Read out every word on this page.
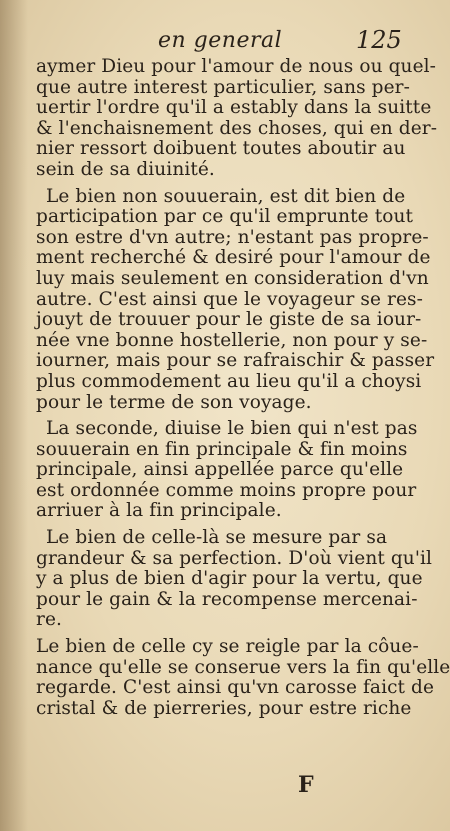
en general	125
aymer Dieu pour l'amour de nous ou quel-
que autre interest particulier, sans per-
uertir l'ordre qu'il a estably dans la suitte
& l'enchaisnement des choses, qui en der-
nier ressort doibuent toutes aboutir au
sein de sa diuinité.
Le bien non souuerain, est dit bien de
participation par ce qu'il emprunte tout
son estre d'vn autre; n'estant pas propre-
ment recherché & desiré pour l'amour de
luy mais seulement en consideration d'vn
autre. C'est ainsi que le voyageur se res-
jouyt de trouuer pour le giste de sa iour-
née vne bonne hostellerie, non pour y se-
iourner, mais pour se rafraischir & passer
plus commodement au lieu qu'il a choysi
pour le terme de son voyage.
La seconde, diuise le bien qui n'est pas
souuerain en fin principale & fin moins
principale, ainsi appellée parce qu'elle
est ordonnée comme moins propre pour
arriuer à la fin principale.
Le bien de celle-là se mesure par sa
grandeur & sa perfection. D'où vient qu'il
y a plus de bien d'agir pour la vertu, que
pour le gain & la recompense mercenai-
re.
Le bien de celle cy se reigle par la côue-
nance qu'elle se conserue vers la fin qu'elle
regarde. C'est ainsi qu'vn carosse faict de
cristal & de pierreries, pour estre riche
F
